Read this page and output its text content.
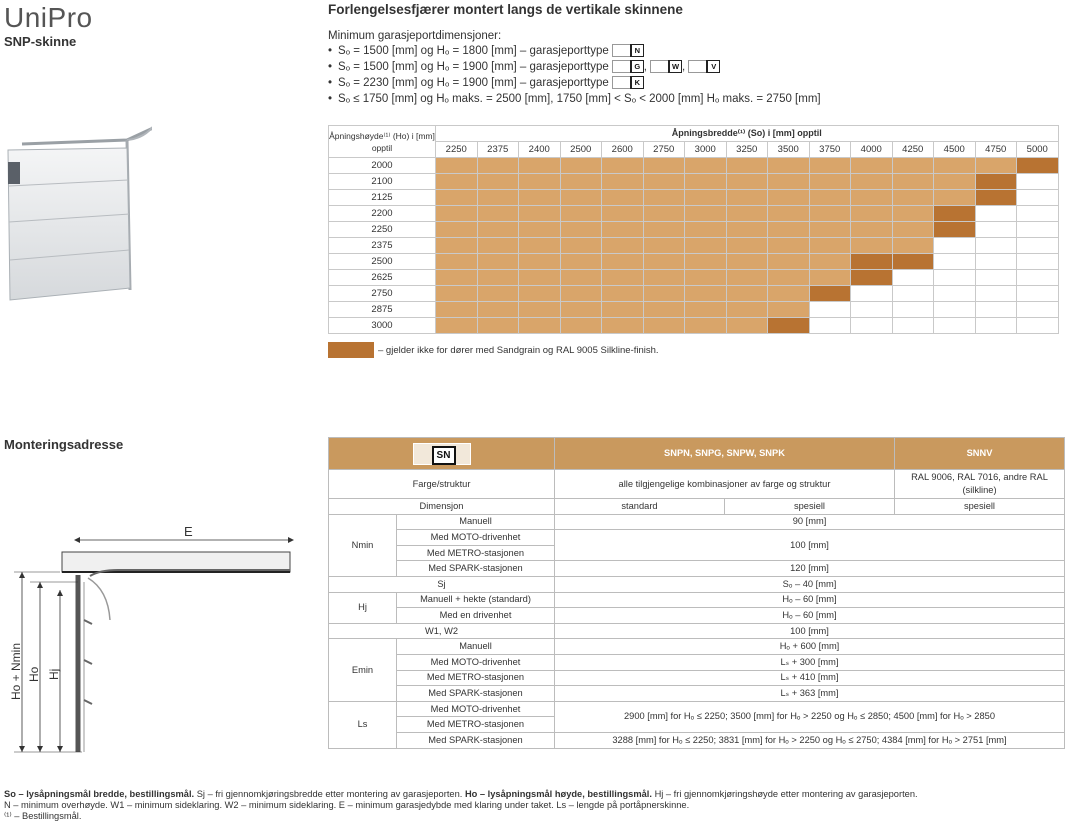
UniPro
SNP-skinne
Forlengelsesfjærer montert langs de vertikale skinnene
Minimum garasjeportdimensjoner:
• Sₒ = 1500 [mm] og Hₒ = 1800 [mm] – garasjeporttype	N
• Sₒ = 1500 [mm] og Hₒ = 1900 [mm] – garasjeporttype	G ,	W ,	V
• Sₒ = 2230 [mm] og Hₒ = 1900 [mm] – garasjeporttype	K
• Sₒ ≤ 1750 [mm] og Hₒ maks. = 2500 [mm], 1750 [mm] < Sₒ < 2000 [mm] Hₒ maks. = 2750 [mm]
Åpningshøyde⁽¹⁾ (Ho) i [mm] opptil	Åpningsbredde⁽¹⁾ (So) i [mm] opptil														
	2250	2375	2400	2500	2600	2750	3000	3250	3500	3750	4000	4250	4500	4750	5000
2000															
2100															
2125															
2200															
2250															
2375															
2500															
2625															
2750															
2875															
3000															
– gjelder ikke for dører med Sandgrain og RAL 9005 Silkline-finish.
Monteringsadresse
E
Ho + Nmin Ho Hj
SN		SNPN, SNPG, SNPW, SNPK		SNNV
Farge/struktur		alle tilgjengelige kombinasjoner av farge og struktur		RAL 9006, RAL 7016, andre RAL (silkline)
Dimensjon		standard	spesiell	spesiell
Nmin	Manuell	90 [mm]		
	Med MOTO-drivenhet	100 [mm]		
	Med METRO-stasjonen			
	Med SPARK-stasjonen	120 [mm]		
Sj		Sₒ – 40 [mm]		
Hj	Manuell + hekte (standard)	Hₒ – 60 [mm]		
	Med en drivenhet	Hₒ – 60 [mm]		
W1, W2		100 [mm]		
Emin	Manuell	Hₒ + 600 [mm]		
	Med MOTO-drivenhet	Lₛ + 300 [mm]		
	Med METRO-stasjonen	Lₛ + 410 [mm]		
	Med SPARK-stasjonen	Lₛ + 363 [mm]		
Ls	Med MOTO-drivenhet	2900 [mm] for Hₒ ≤ 2250; 3500 [mm] for Hₒ > 2250 og Hₒ ≤ 2850; 4500 [mm] for Hₒ > 2850		
	Med METRO-stasjonen			
	Med SPARK-stasjonen	3288 [mm] for Hₒ ≤ 2250; 3831 [mm] for Hₒ > 2250 og Hₒ ≤ 2750; 4384 [mm] for Hₒ > 2751 [mm]		
So – lysåpningsmål bredde, bestillingsmål. Sj – fri gjennomkjøringsbredde etter montering av garasjeporten. Ho – lysåpningsmål høyde, bestillingsmål. Hj – fri gjennomkjøringshøyde etter montering av garasjeporten.
N – minimum overhøyde. W1 – minimum sideklaring. W2 – minimum sideklaring. E – minimum garasjedybde med klaring under taket. Ls – lengde på portåpnerskinne.
⁽¹⁾ – Bestillingsmål.
